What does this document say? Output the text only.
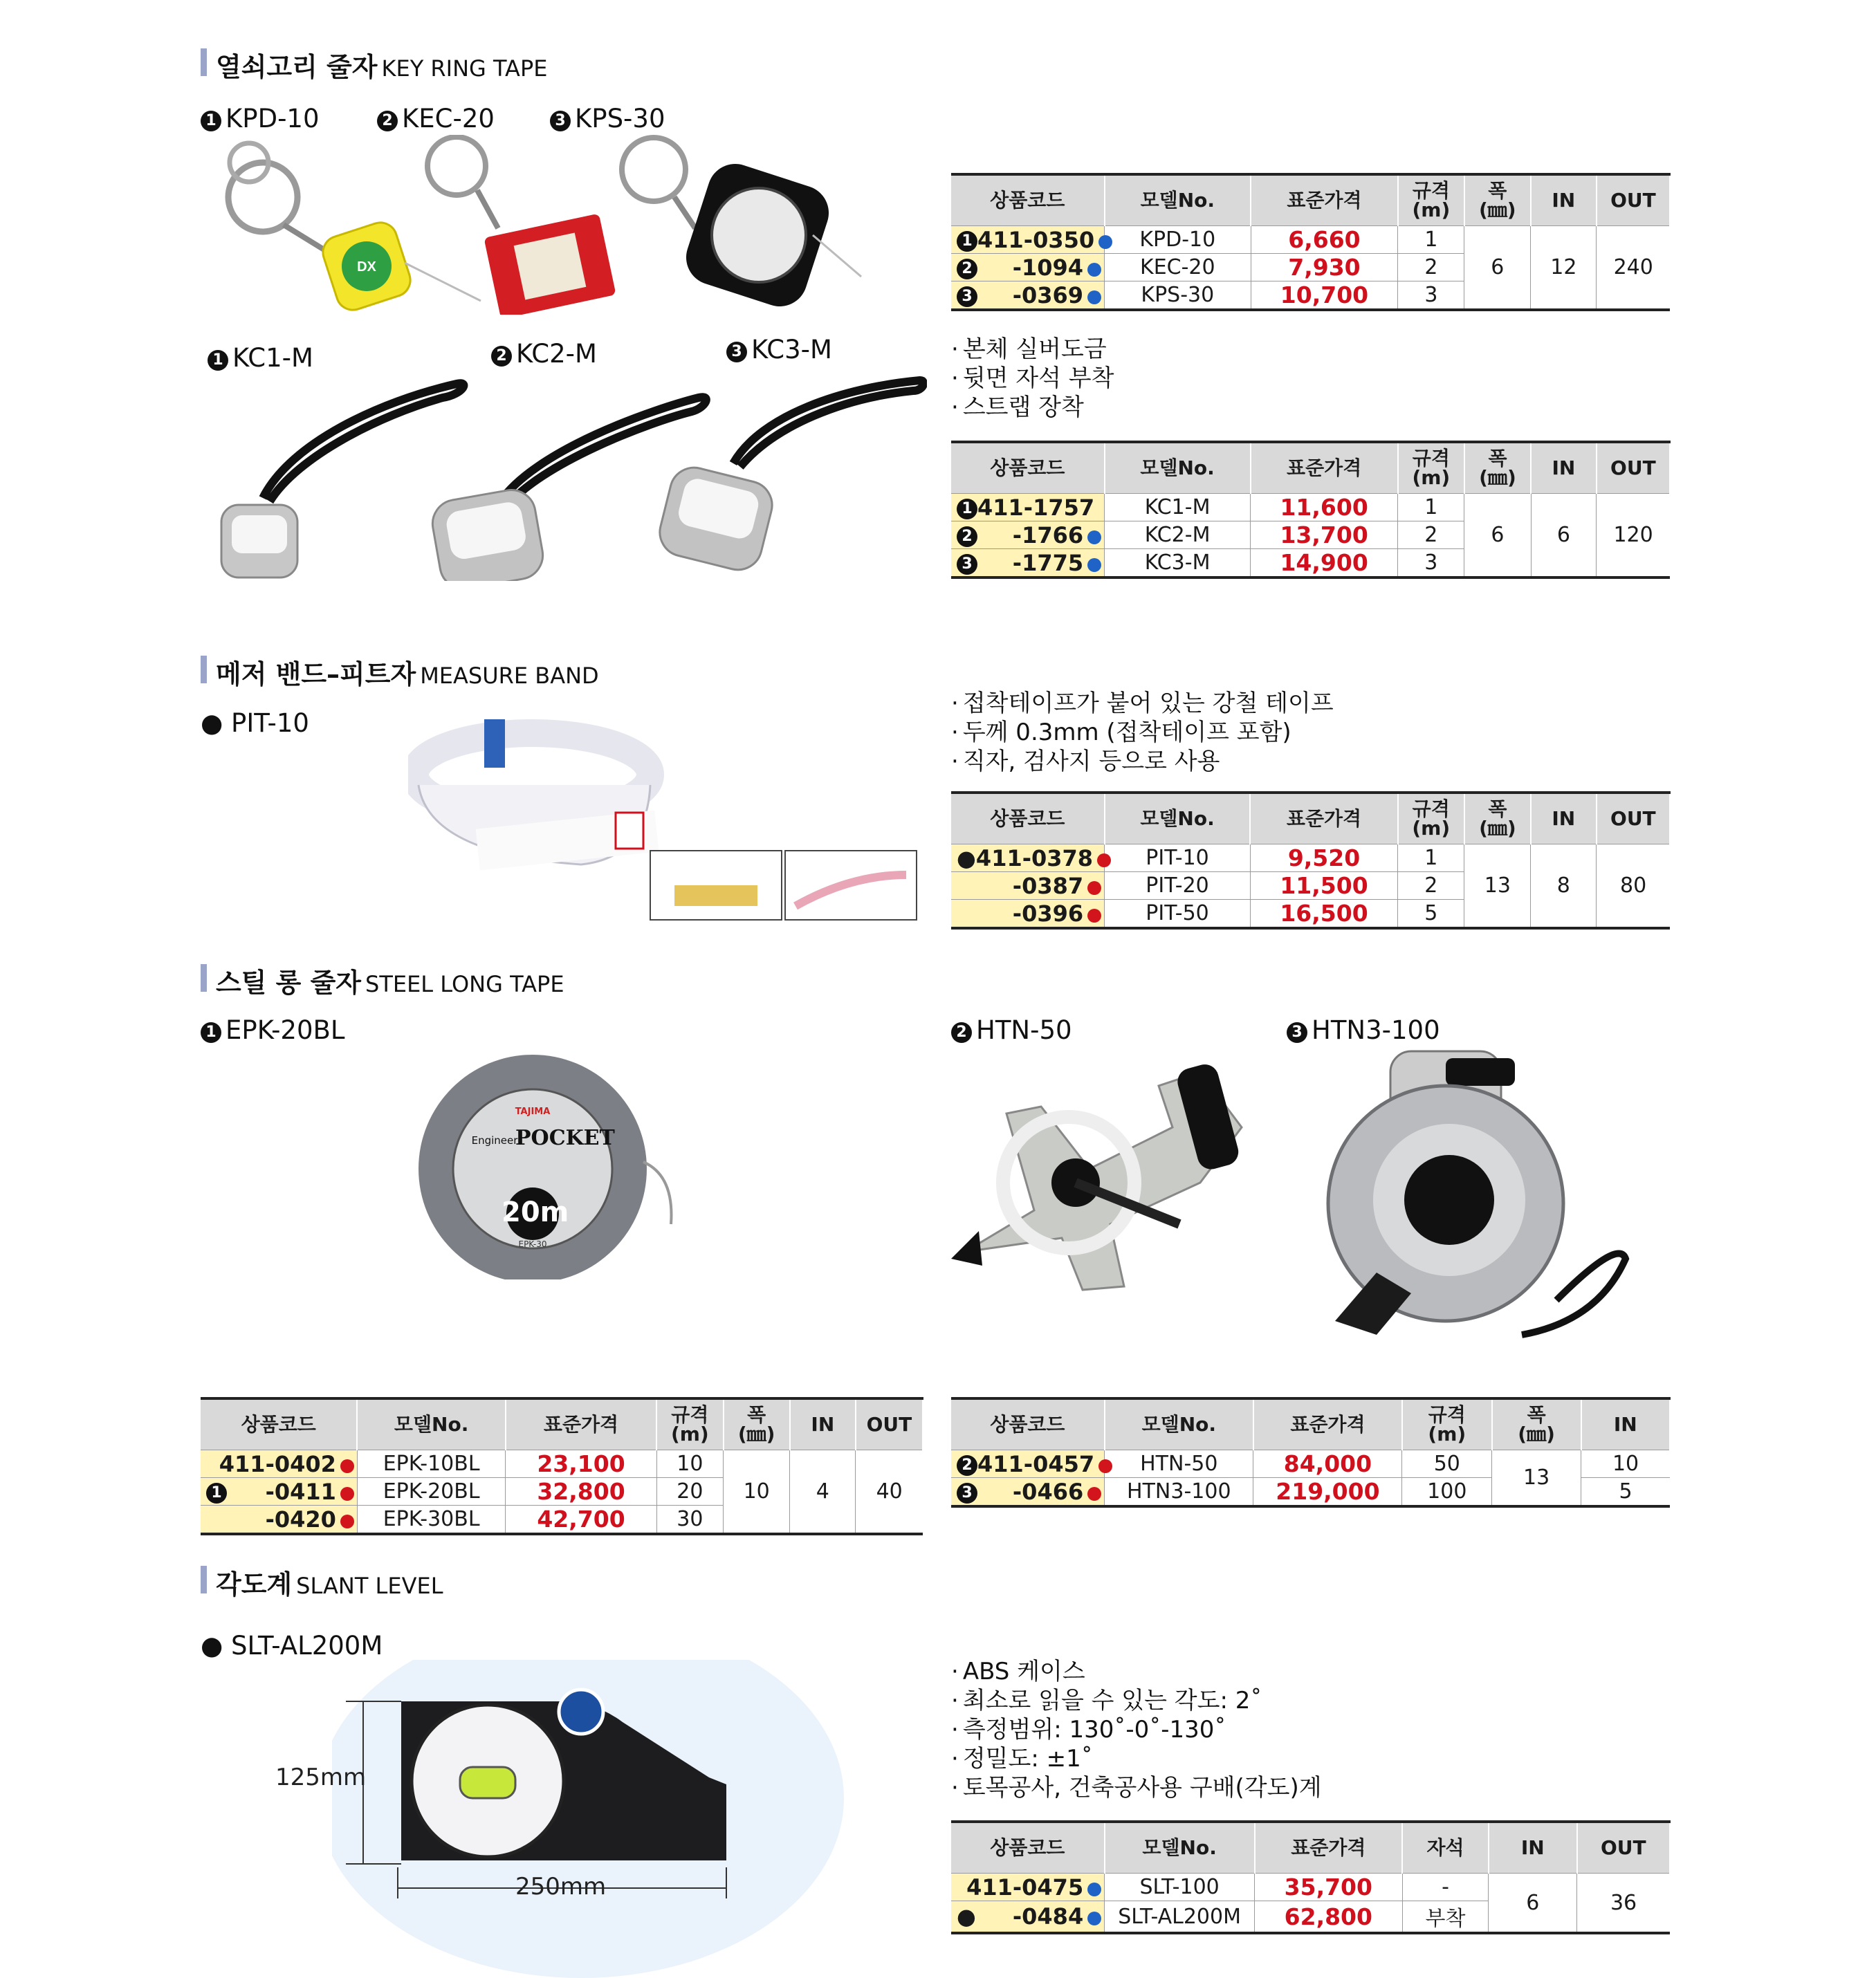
열쇠고리 줄자 KEY RING TAPE
1 KPD-10	2 KEC-20	3 KPS-30
DX
1 KC1-M	2 KC2-M	3 KC3-M
상품코드	모델No.	표준가격	규격
(m)	폭
(㎜)	IN	OUT

1 411-0350	KPD-10	6,660	1	6	12	240

2 -1094	KEC-20	7,930	2			

3 -0369	KPS-30	10,700	3			
· 본체 실버도금
· 뒷면 자석 부착
· 스트랩 장착
상품코드	모델No.	표준가격	규격
(m)	폭
(㎜)	IN	OUT

1 411-1757	KC1-M	11,600	1	6	6	120

2 -1766	KC2-M	13,700	2			

3 -1775	KC3-M	14,900	3			
메저 밴드–피트자 MEASURE BAND
● PIT-10
· 접착테이프가 붙어 있는 강철 테이프
· 두께 0.3mm (접착테이프 포함)
· 직자, 검사지 등으로 사용
상품코드	모델No.	표준가격	규격
(m)	폭
(㎜)	IN	OUT

● 411-0378	PIT-10	9,520	1	13	8	80
-0387	PIT-20	11,500	2			
-0396	PIT-50	16,500	5			
스틸 롱 줄자 STEEL LONG TAPE
1 EPK-20BL	2 HTN-50	3 HTN3-100
TAJIMA
Engineer
POCKET
20m
EPK-30
상품코드	모델No.	표준가격	규격
(m)	폭
(㎜)	IN	OUT
411-0402	EPK-10BL	23,100	10	10	4	40

1 -0411	EPK-20BL	32,800	20			
-0420	EPK-30BL	42,700	30			
상품코드	모델No.	표준가격	규격
(m)	폭
(㎜)	IN

2 411-0457	HTN-50	84,000	50	13	10

3 -0466	HTN3-100	219,000	100		5
각도계 SLANT LEVEL
● SLT-AL200M
125mm
250mm
· ABS 케이스
· 최소로 읽을 수 있는 각도: 2˚
· 측정범위: 130˚-0˚-130˚
· 정밀도: ±1˚
· 토목공사, 건축공사용 구배(각도)계
상품코드	모델No.	표준가격	자석	IN	OUT
411-0475	SLT-100	35,700	-	6	36

● -0484	SLT-AL200M	62,800	부착		
